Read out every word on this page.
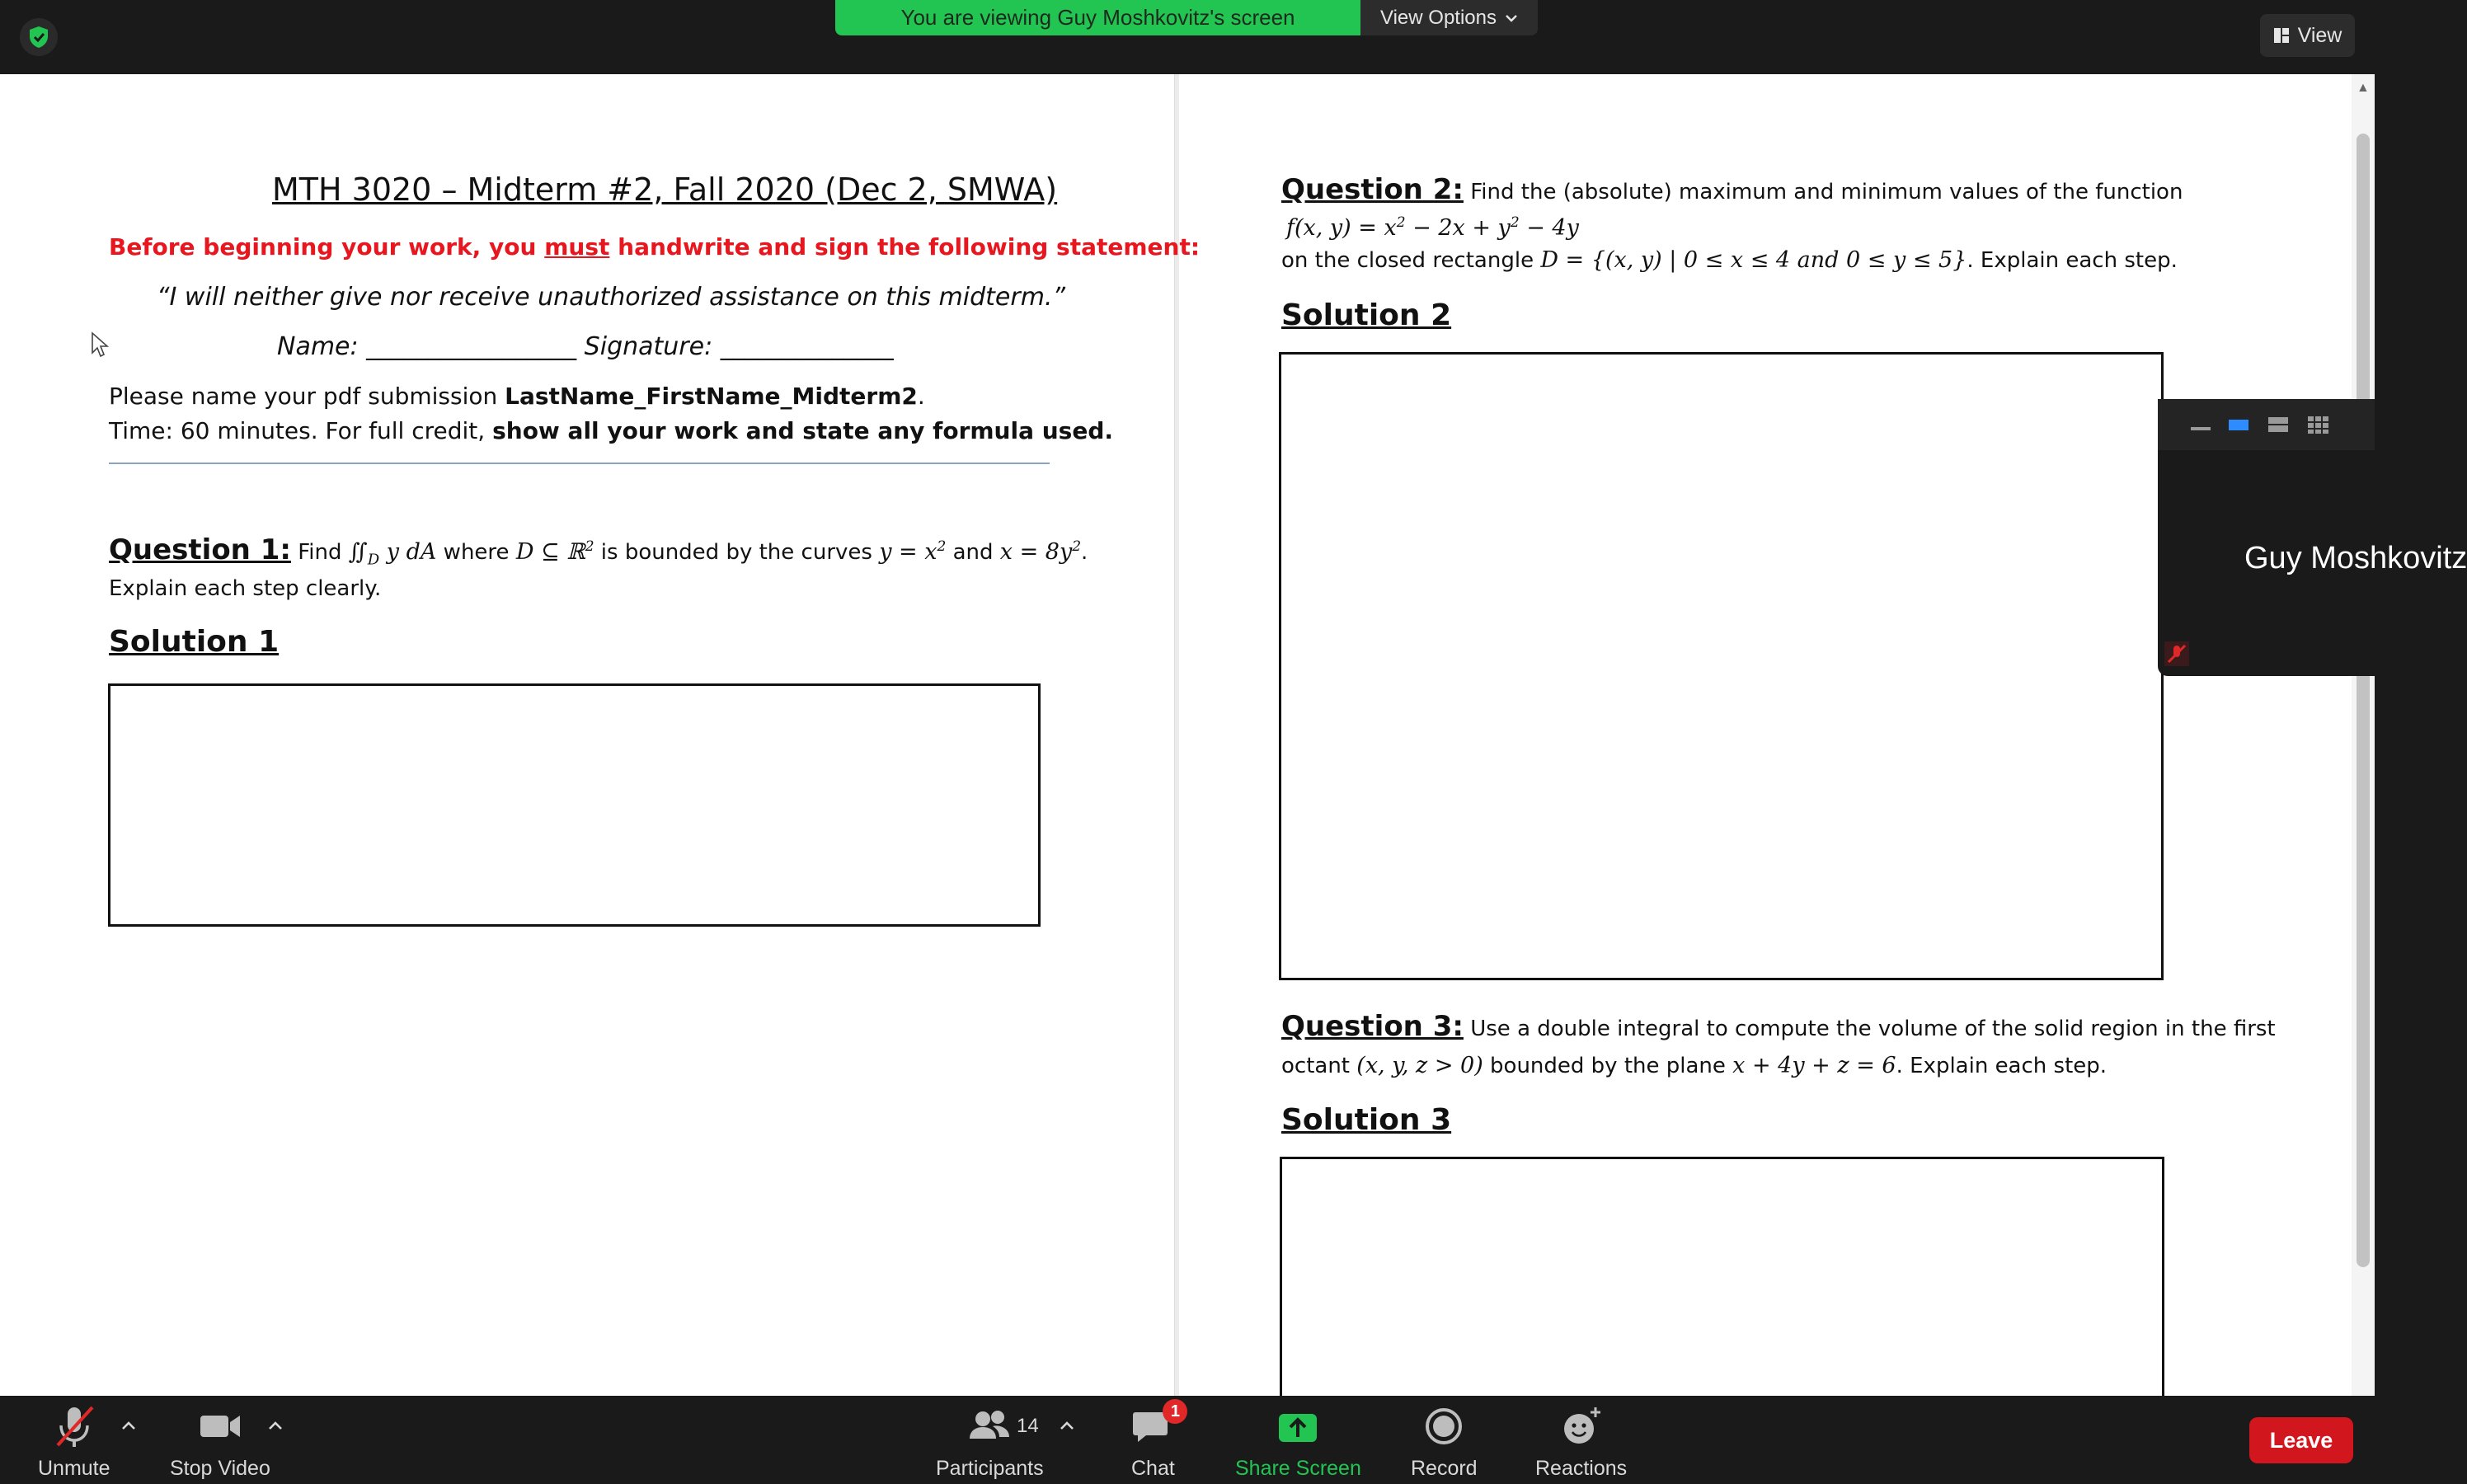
You are viewing Guy Moshkovitz's screen	View Options
View
MTH 3020 – Midterm #2, Fall 2020 (Dec 2, SMWA)
Before beginning your work, you must handwrite and sign the following statement:
“I will neither give nor receive unauthorized assistance on this midterm.”
Name: _________________ Signature: ______________
Please name your pdf submission LastName_FirstName_Midterm2.
Time: 60 minutes. For full credit, show all your work and state any formula used.
Question 1: Find $∬_D$ y dA where D ⊆ ℝ$^2$ is bounded by the curves $y = x^2$ and $x = 8y^2$.
Explain each step clearly.
Solution 1
Question 2: Find the (absolute) maximum and minimum values of the function
f(x, $y) = x^2 - 2x + y^2 - 4y$
on the closed rectangle D = {(x, y) | 0 ≤ x ≤ 4 and 0 ≤ y ≤ 5}. Explain each step.
Solution 2
Question 3: Use a double integral to compute the volume of the solid region in the first
octant (x, y, z > 0) bounded by the plane x + 4y + z = 6. Explain each step.
Solution 3
▲
Guy Moshkovitz
Unmute	Stop Video	Participants
14
1
Chat	Share Screen Record	Reactions
Leave
